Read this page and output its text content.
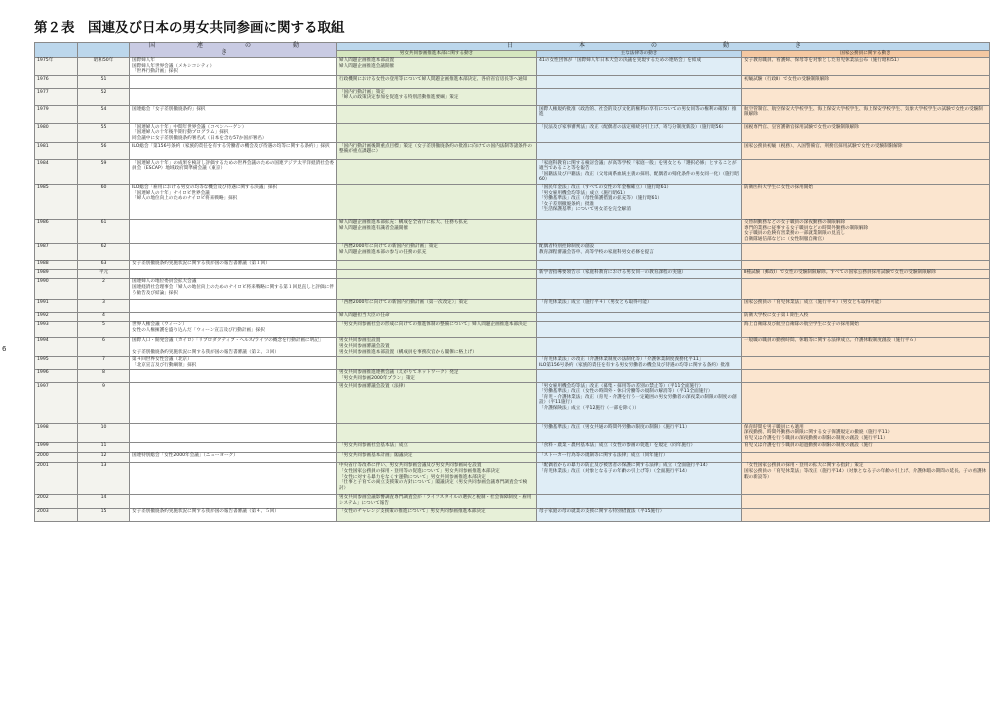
第２表　国連及び日本の男女共同参画に関する取組
6
		国　連　の　動　き	日　　本　　の　　動　　き		
			男女共同参画推進本部に関する動き	主な法律等の動き	国家公務員に関する動き
1975年	昭和50年	国際婦人年
国際婦人年世界会議（メキシコシティ）
「世界行動計画」採択	婦人問題企画推進本部設置
婦人問題企画推進会議開催	41の女性団体が「国際婦人年日本大会の決議を実現するための連絡会」を結成	女子教育職員、看護婦、保母等を対象とした育児休業法公布（施行昭和51）
1976	51		行政機関における女性の登用等について婦人問題企画推進本部決定、各府省官房長等へ通知		初級試験（行政Ⅱ）で女性の受験制限解除
1977	52		「国内行動計画」策定
「婦人の政策決定参加を促進する特別活動推進要綱」策定		
1979	54	国連総会「女子差別撤廃条約」採択		国際人権規約批准（政治的、社会的及び文化的権利の享有についての男女同等の権利の確保）推進	航空管制官、航空保安大学校学生、海上保安大学校学生、海上保安学校学生、気象大学校学生の試験で女性の受験制限解除
1980	55	「国連婦人の十年」中間年世界会議（コペンハーゲン）
「国連婦人の十年後半期行動プログラム」採択
同会議中に女子差別撤廃条約署名式（日本を含む57か国が署名）		「民法及び家事審判法」改正（配偶者の法定相続分引上げ、寄与分制度新設）（施行昭56）	国税専門官、皇宮護衛官採用試験で女性の受験制限解除
1981	56	ILO総会「第156号条約（家族的責任を有する労働者の機会及び待遇の均等に関する条約）」採択	「国内行動計画後期重点目標」策定（女子差別撤廃条約の批准に向けての国内法制等諸条件の整備が重点課題に）		国家公務員初級（税務）、入国警備官、刑務官採用試験で女性の受験制限解除
1984	59	「国連婦人の十年」の成果を検討し評価するための世界会議のための国連アジア太平洋経済社会委員会（ESCAP）地域政府間準備会議（東京）		「家庭科教育に関する検討会議」が高等学校「家庭一般」を男女とも「選択必修」とすることが適当であること等を報告
「国籍法及び戸籍法」改正（父母両系血統主義の採用、配偶者の帰化条件の男女同一化）（施行昭60）	
1985	60	ILO総会「雇用における男女の均等な機会及び待遇に関する決議」採択
「国連婦人の十年」ナイロビ世界会議
「婦人の地位向上のためのナイロビ将来戦略」採択		「国民年金法」改正（すべての女性の年金権確立）（施行昭61）
「男女雇用機会均等法」成立（施行昭61）
「労働基準法」改正（母性保護措置の拡充等）（施行昭61）
「女子差別撤廃条約」批准
「生活保護基準」について男女差を完全解消	防衛医科大学生に女性の採用開始
1986	61		婦人問題企画推進本部拡充：構成を全省庁に拡大、任務も拡充
婦人問題企画推進有識者会議開催		交替制勤務などの女子職員の深夜勤務の制限解除
専門的業務に従事する女子職員などの時間外勤務の制限解除
女子職員の危険有害業務の一部就業制限の見直し
自衛隊通信部などに（女性制服自衛官）
1987	62		「西暦2000年に向けての新国内行動計画」策定
婦人問題企画推進本部の参与の任務の拡充	配偶者特別控除制度の創設
教育課程審議会答申、高等学校の家庭科男女必修を提言	
1988	63	女子差別撤廃条約実施状況に関する我が国の報告書審議（第１回）			
1989	平元			新学習指導要領告示（家庭科教育における男女同一の教育課程の実施）	Ⅱ種試験（郵政Ⅰ）で女性の受験制限解除。すべての国家公務員採用試験で女性の受験制限解除
1990	2	国連婦人の地位委員会拡大会議
国連経済社会理事会「婦人の地位向上のためのナイロビ将来戦略に関する第１回見直しと評価に伴う勧告及び結論」採択			
1991	3		「西暦2000年に向けての新国内行動計画（第一次改定）」策定	「育児休業法」成立（施行平４）（男女とも取得可能）	国家公務員の「育児休業法」成立（施行平４）（男女とも取得可能）
1992	4		婦人問題担当大臣の任命		防衛大学校に女子第１期生入校
1993	5	世界人権会議（ウィーン）
女性の人権擁護を盛り込んだ「ウィーン宣言及び行動計画」採択	「男女共同参画社会の形成に向けての推進体制の整備について」婦人問題企画推進本部決定		海上自衛隊及び航空自衛隊の航空学生に女子の採用開始
1994	6	国際人口・開発会議（カイロ）「リプロダクティブ・ヘルス/ライツの概念を行動計画に明記」

女子差別撤廃条約実施状況に関する我が国の報告書審議（第２、３回）	男女共同参画室設置
男女共同参画審議会設置
男女共同参画推進本部設置（構成員を事務次官から閣僚に格上げ）		一般職の職員の勤務時間、休暇等に関する法律成立。介護休暇制度創設（施行平６）
1995	7	第４回世界女性会議（北京）
「北京宣言及び行動綱領」採択		「育児休業法」の改正（介護休業制度の法制化等）「介護休業制度義務化平11」
ILO第156号条約（家族的責任を有する男女労働者の機会及び待遇の均等に関する条約）批准	
1996	8		男女共同参画推進連携会議（えがりてネットワーク）発足
「男女共同参画2000年プラン」策定		
1997	9		男女共同参画審議会設置（法律）	「男女雇用機会均等法」改正（募集・採用等の差別の禁止等）（平11全面施行）
「労働基準法」改正（女性の時間外・休日労働等の規制の解消等）（平11全面施行）
「育児・介護休業法」改正（育児・介護を行う一定範囲の男女労働者の深夜業の制限の制度の創設）（平11施行）
「介護保険法」成立（平12施行（一部を除く））	
1998	10			「労働基準法」改正（男女共通の時間外労働の限度の制限）（施行平11）	保育時間を男子職員にも適用
深夜勤務、時間外勤務の制限に関する女子保護規定の撤廃（施行平11）
育児又は介護を行う職員の深夜勤務の制限の制度の創設（施行平11）
1999	11		「男女共同参画社会基本法」成立	「食料・農業・農村基本法」成立（女性の参画の促進）を規定（同年施行）	育児又は介護を行う職員の超過勤務の制限の制度の創設（施行
2000	12	国連特別総会「女性2000年会議」（ニューヨーク）	「男女共同参画基本計画」閣議決定	「ストーカー行為等の規制等に関する法律」成立（同年施行）	
2001	13		中央省庁等改革に伴い、男女共同参画会議及び男女共同参画局を設置
「女性国家公務員の採用・登用等の促進について」男女共同参画推進本部決定
「女性に対する暴力をなくす運動について」男女共同参画推進本部決定
「仕事と子育ての両立支援策の方針について」閣議決定（男女共同参画会議専門調査会で検討）	「配偶者からの暴力の防止及び被害者の保護に関する法律」成立（全面施行平14）
「育児休業法」改正（対象となる子の年齢の引上げ等）（全面施行平14）	「女性国家公務員の採用・登用の拡大に関する指針」策定
国家公務員の「育児休業法」等改正（施行平14）（対象となる子の年齢の引上げ、介護休暇の期間の延長、子の看護休暇の新設等）
2002	14		男女共同参画会議影響調査専門調査会が「ライフスタイルの選択と税制・社会保障制度・雇用システム」について報告		
2003	15	女子差別撤廃条約実施状況に関する我が国の報告書審議（第４、５回）	「女性のチャレンジ支援策の推進について」男女共同参画推進本部決定	母子家庭の母の就業の支援に関する特別措置法（平15施行）	
